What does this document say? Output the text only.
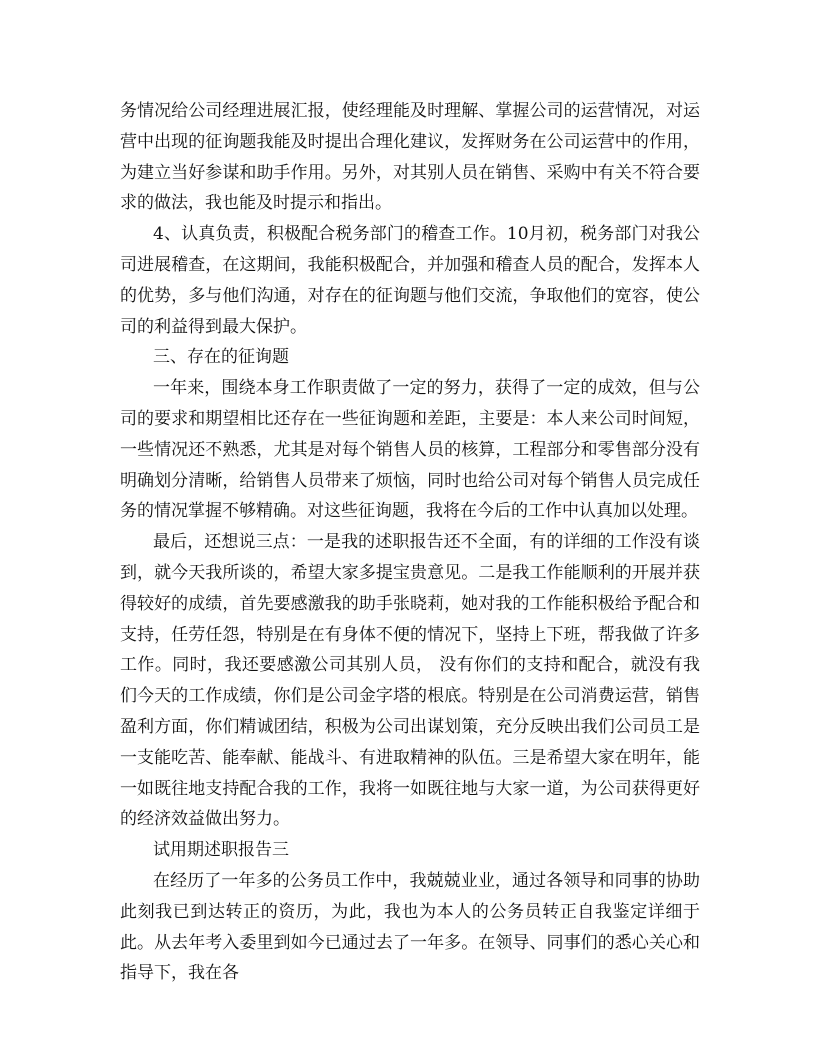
务情况给公司经理进展汇报，使经理能及时理解、掌握公司的运营情况，对运营中出现的征询题我能及时提出合理化建议，发挥财务在公司运营中的作用，为建立当好参谋和助手作用。另外，对其别人员在销售、采购中有关不符合要求的做法，我也能及时提示和指出。

4、认真负责，积极配合税务部门的稽查工作。10月初，税务部门对我公司进展稽查，在这期间，我能积极配合，并加强和稽查人员的配合，发挥本人的优势，多与他们沟通，对存在的征询题与他们交流，争取他们的宽容，使公司的利益得到最大保护。

三、存在的征询题

一年来，围绕本身工作职责做了一定的努力，获得了一定的成效，但与公司的要求和期望相比还存在一些征询题和差距，主要是：本人来公司时间短，一些情况还不熟悉，尤其是对每个销售人员的核算，工程部分和零售部分没有明确划分清晰，给销售人员带来了烦恼，同时也给公司对每个销售人员完成任务的情况掌握不够精确。对这些征询题，我将在今后的工作中认真加以处理。

最后，还想说三点：一是我的述职报告还不全面，有的详细的工作没有谈到，就今天我所谈的，希望大家多提宝贵意见。二是我工作能顺利的开展并获得较好的成绩，首先要感激我的助手张晓莉，她对我的工作能积极给予配合和支持，任劳任怨，特别是在有身体不便的情况下，坚持上下班，帮我做了许多工作。同时，我还要感激公司其别人员， 没有你们的支持和配合，就没有我们今天的工作成绩，你们是公司金字塔的根底。特别是在公司消费运营，销售盈利方面，你们精诚团结，积极为公司出谋划策，充分反映出我们公司员工是一支能吃苦、能奉献、能战斗、有进取精神的队伍。三是希望大家在明年，能一如既往地支持配合我的工作，我将一如既往地与大家一道，为公司获得更好的经济效益做出努力。

试用期述职报告三

在经历了一年多的公务员工作中，我兢兢业业，通过各领导和同事的协助此刻我已到达转正的资历，为此，我也为本人的公务员转正自我鉴定详细于此。从去年考入委里到如今已通过去了一年多。在领导、同事们的悉心关心和指导下，我在各
